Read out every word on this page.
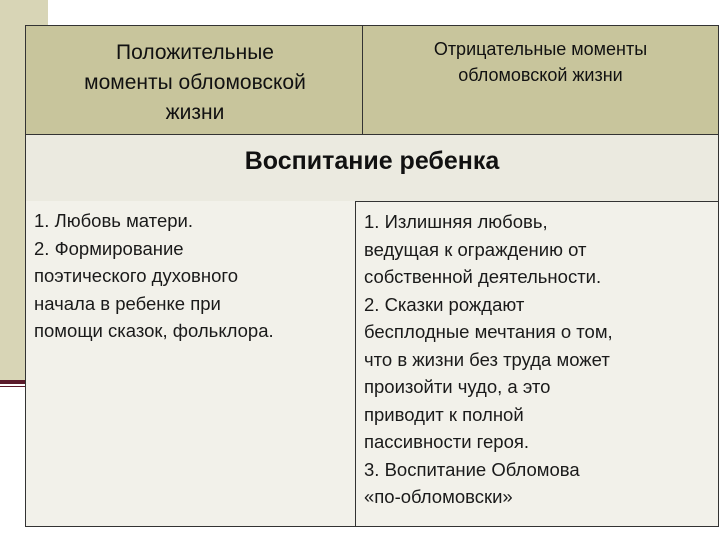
Положительные
моменты обломовской
жизни
Отрицательные моменты
обломовской жизни
Воспитание ребенка
1. Любовь матери.
2. Формирование
поэтического духовного
начала в ребенке при
помощи сказок, фольклора.
1. Излишняя любовь,
ведущая к ограждению от
собственной деятельности.
2. Сказки рождают
бесплодные мечтания о том,
что в жизни без труда может
произойти чудо, а это
приводит к полной
пассивности героя.
3. Воспитание Обломова
«по-обломовски»
